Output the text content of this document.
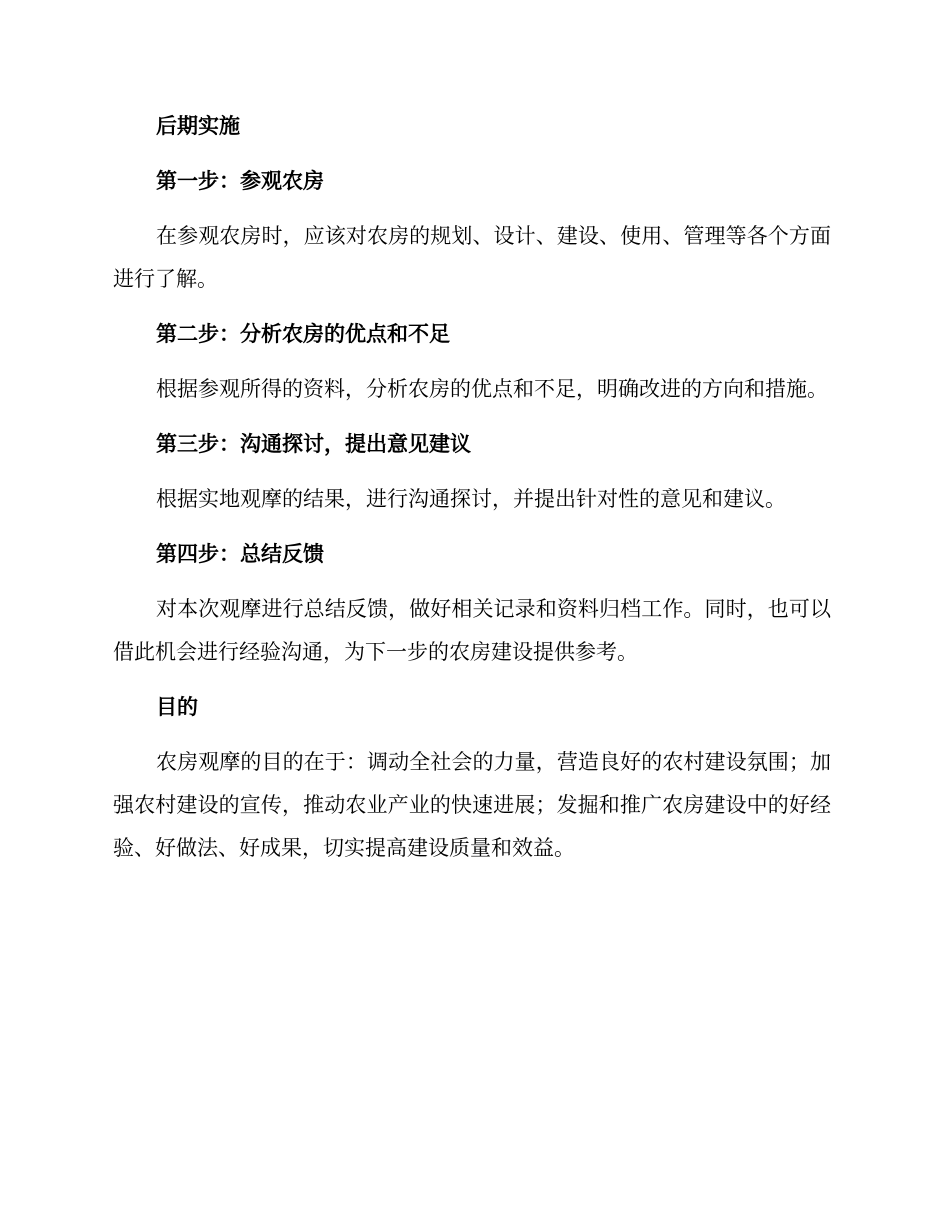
后期实施
第一步：参观农房

在参观农房时，应该对农房的规划、设计、建设、使用、管理等各个方面进行了解。

第二步：分析农房的优点和不足

根据参观所得的资料，分析农房的优点和不足，明确改进的方向和措施。

第三步：沟通探讨，提出意见建议

根据实地观摩的结果，进行沟通探讨，并提出针对性的意见和建议。

第四步：总结反馈

对本次观摩进行总结反馈，做好相关记录和资料归档工作。同时，也可以借此机会进行经验沟通，为下一步的农房建设提供参考。

目的

农房观摩的目的在于：调动全社会的力量，营造良好的农村建设氛围；加强农村建设的宣传，推动农业产业的快速进展；发掘和推广农房建设中的好经验、好做法、好成果，切实提高建设质量和效益。
